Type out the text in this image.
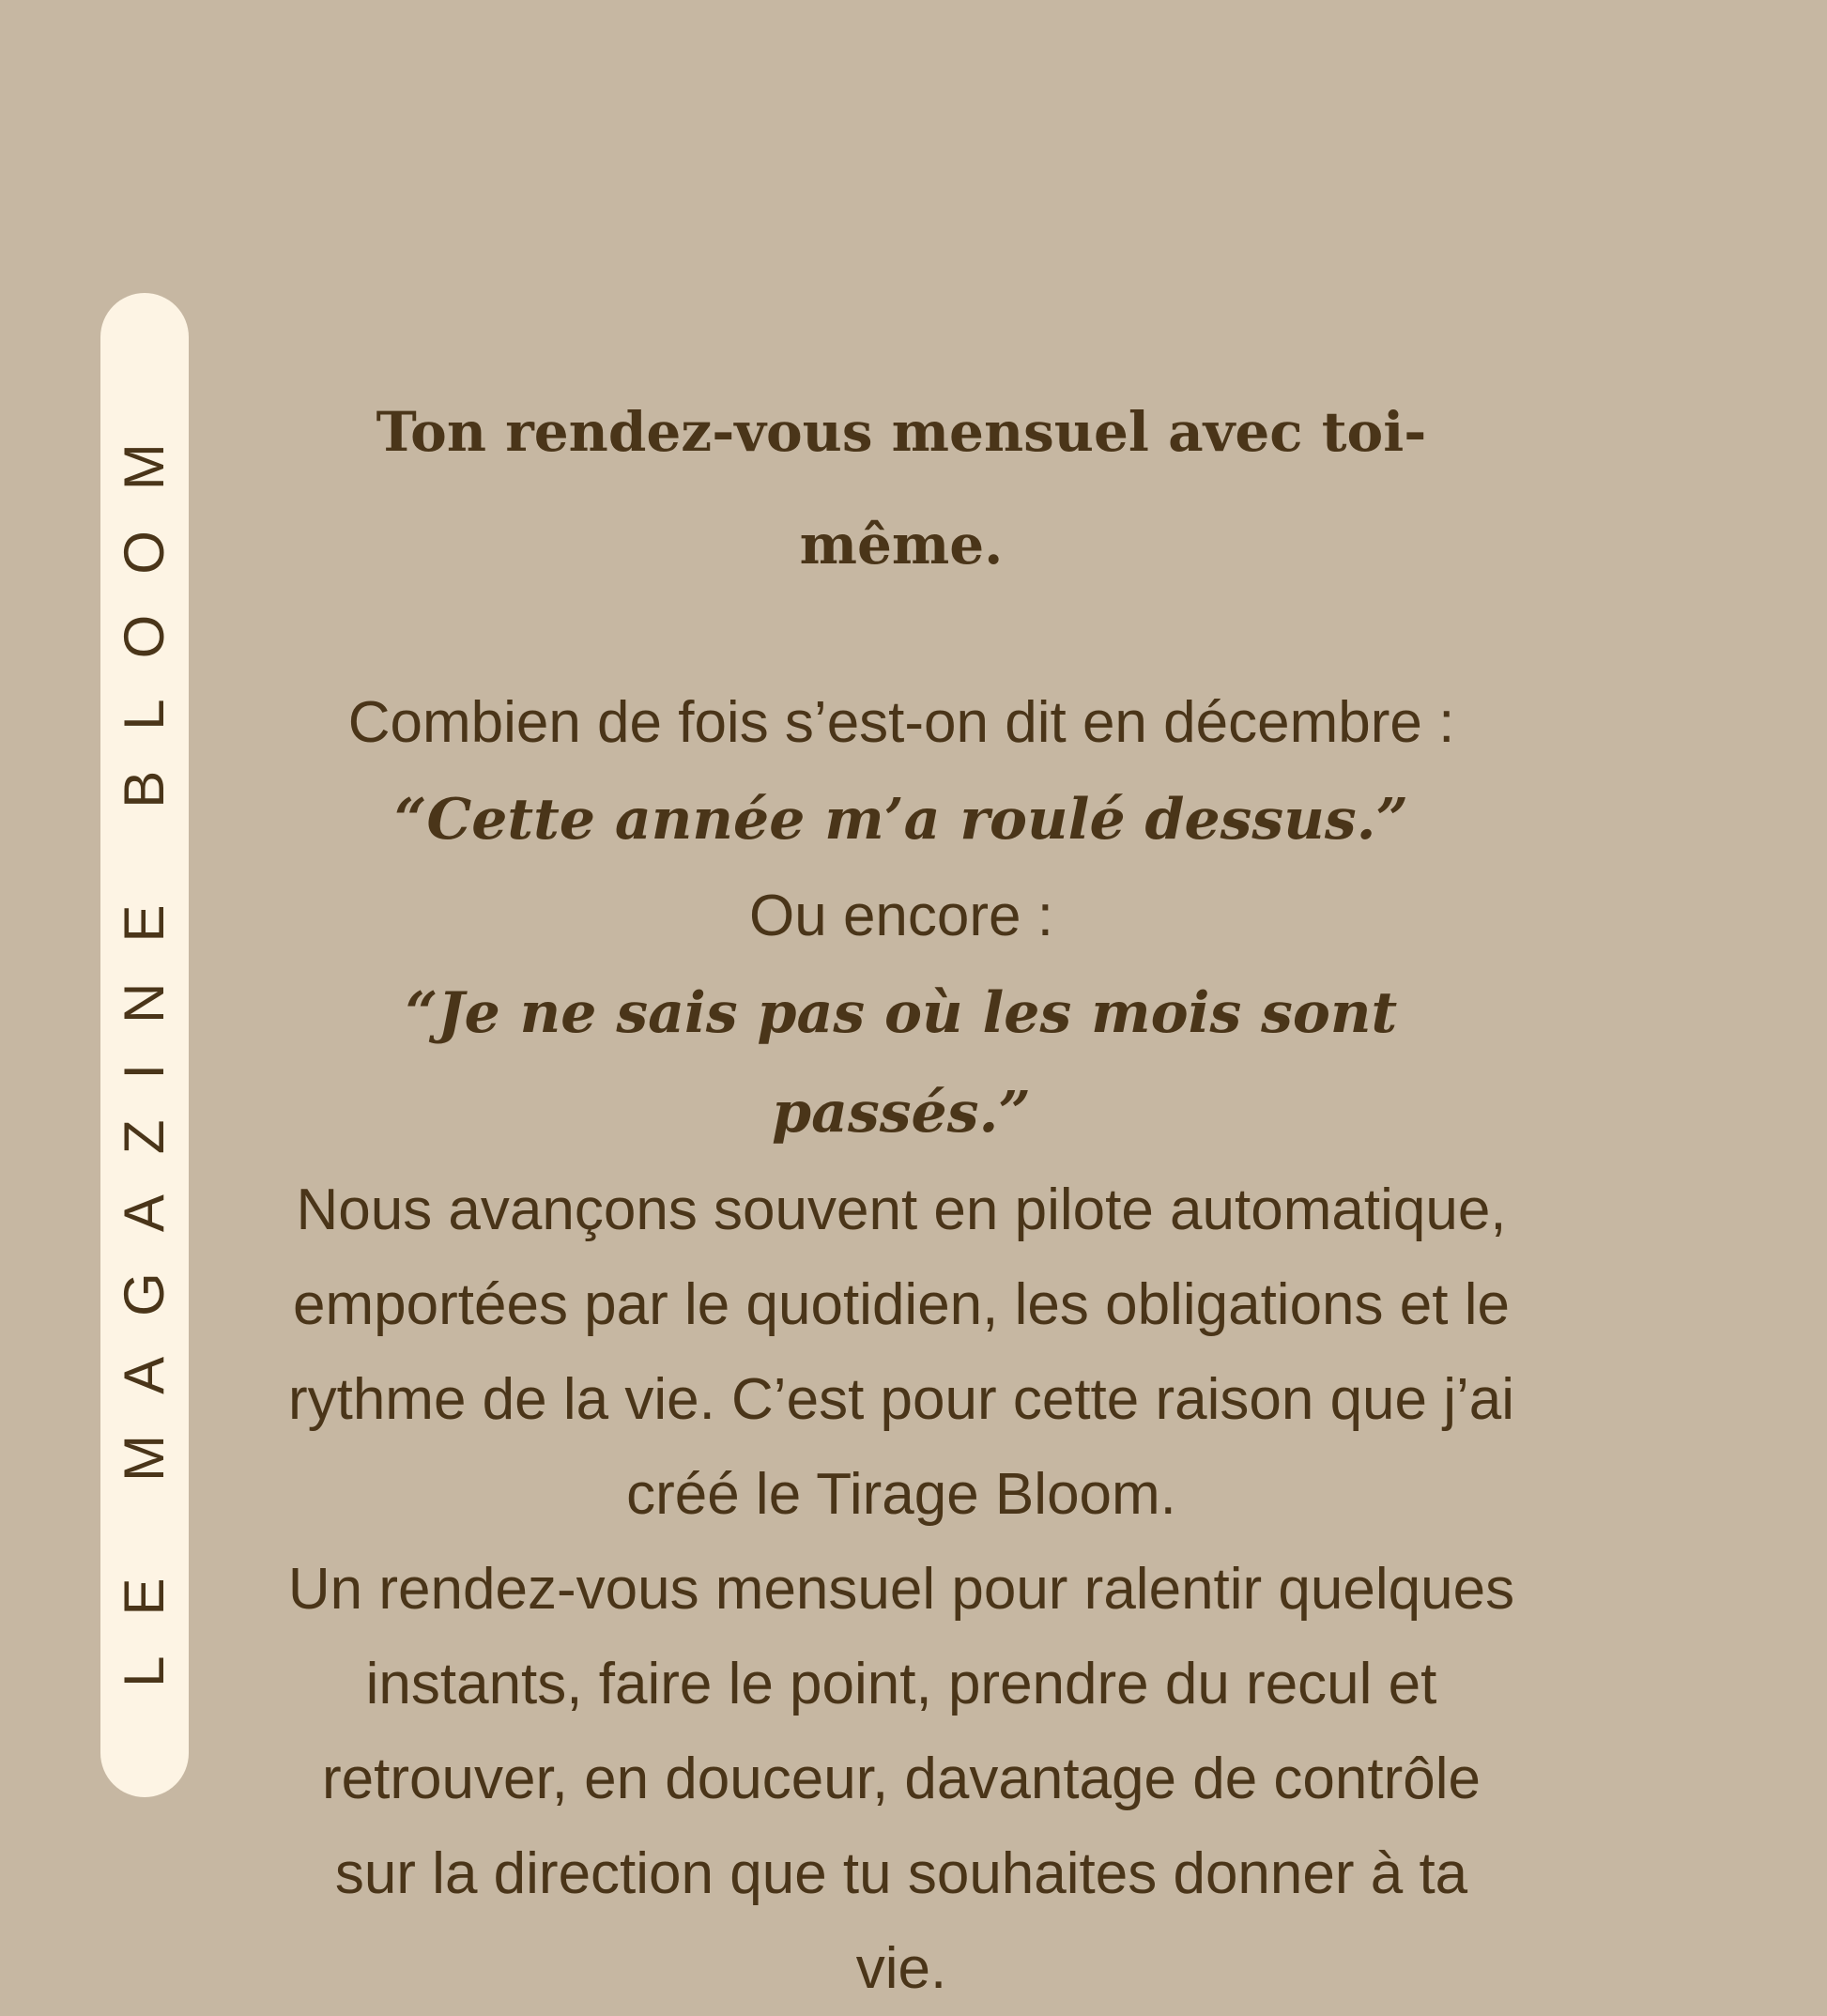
LE MAGAZINE BLOOM	Ton rendez-vous mensuel avec toi-même.

Combien de fois s’est-on dit en décembre :

“Cette année m’a roulé dessus.”

Ou encore :

“Je ne sais pas où les mois sont passés.”

Nous avançons souvent en pilote automatique,

emportées par le quotidien, les obligations et le

rythme de la vie. C’est pour cette raison que j’ai

créé le Tirage Bloom.

Un rendez-vous mensuel pour ralentir quelques

instants, faire le point, prendre du recul et

retrouver, en douceur, davantage de contrôle

sur la direction que tu souhaites donner à ta vie.
